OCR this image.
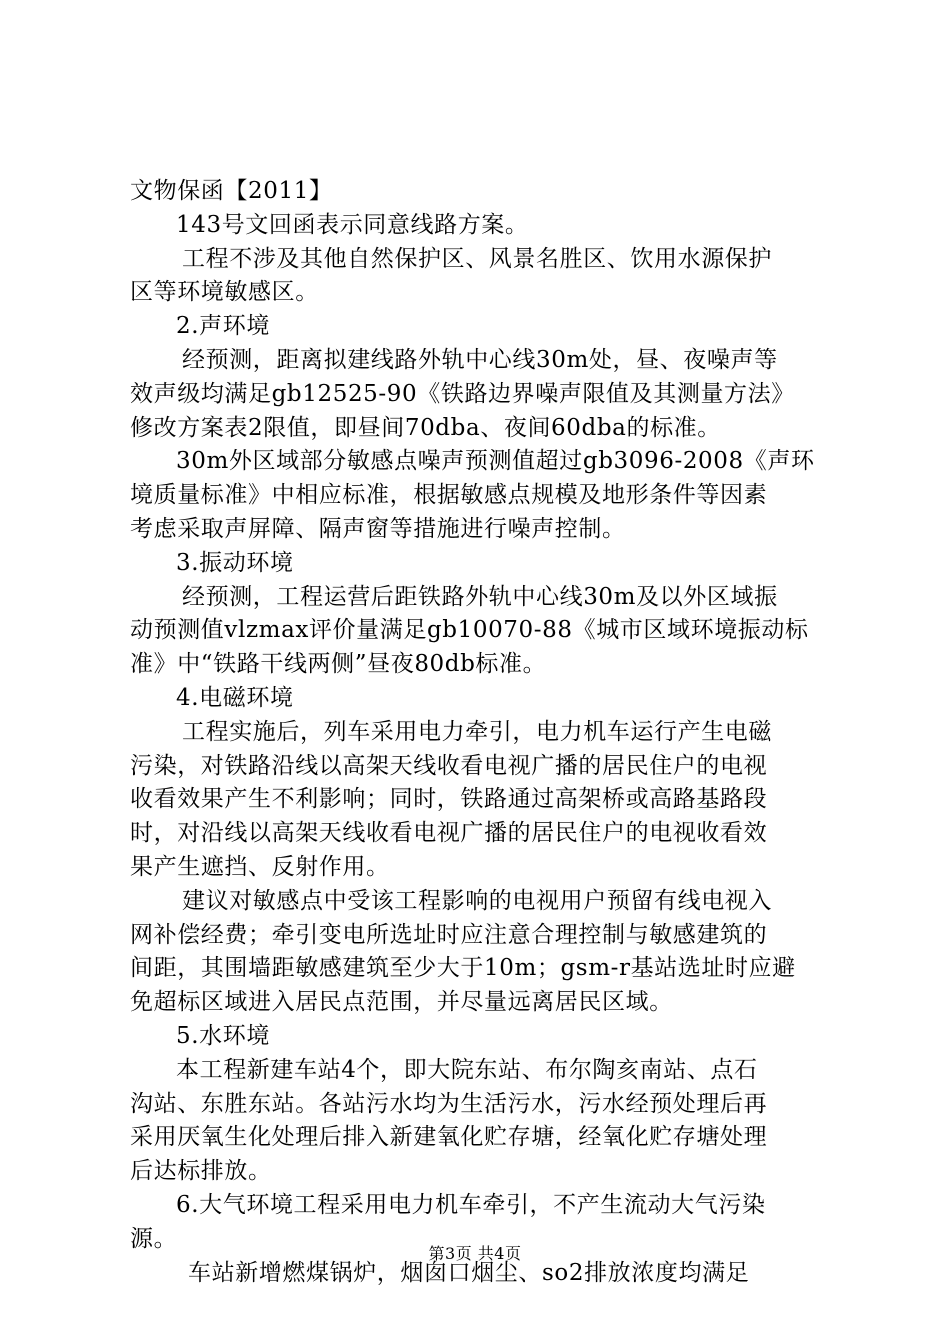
文物保函【2011】
143号文回函表示同意线路方案。
工程不涉及其他自然保护区、风景名胜区、饮用水源保护
区等环境敏感区。
2.声环境
经预测，距离拟建线路外轨中心线30m处，昼、夜噪声等
效声级均满足gb12525-90《铁路边界噪声限值及其测量方法》
修改方案表2限值，即昼间70dba、夜间60dba的标准。
30m外区域部分敏感点噪声预测值超过gb3096-2008《声环
境质量标准》中相应标准，根据敏感点规模及地形条件等因素
考虑采取声屏障、隔声窗等措施进行噪声控制。
3.振动环境
经预测，工程运营后距铁路外轨中心线30m及以外区域振
动预测值vlzmax评价量满足gb10070-88《城市区域环境振动标
准》中“铁路干线两侧”昼夜80db标准。
4.电磁环境
工程实施后，列车采用电力牵引，电力机车运行产生电磁
污染，对铁路沿线以高架天线收看电视广播的居民住户的电视
收看效果产生不利影响；同时，铁路通过高架桥或高路基路段
时，对沿线以高架天线收看电视广播的居民住户的电视收看效
果产生遮挡、反射作用。
建议对敏感点中受该工程影响的电视用户预留有线电视入
网补偿经费；牵引变电所选址时应注意合理控制与敏感建筑的
间距，其围墙距敏感建筑至少大于10m；gsm-r基站选址时应避
免超标区域进入居民点范围，并尽量远离居民区域。
5.水环境
本工程新建车站4个，即大院东站、布尔陶亥南站、点石
沟站、东胜东站。各站污水均为生活污水，污水经预处理后再
采用厌氧生化处理后排入新建氧化贮存塘，经氧化贮存塘处理
后达标排放。
6.大气环境工程采用电力机车牵引，不产生流动大气污染
源。
车站新增燃煤锅炉，烟囱口烟尘、so2排放浓度均满足
第3页 共4页
